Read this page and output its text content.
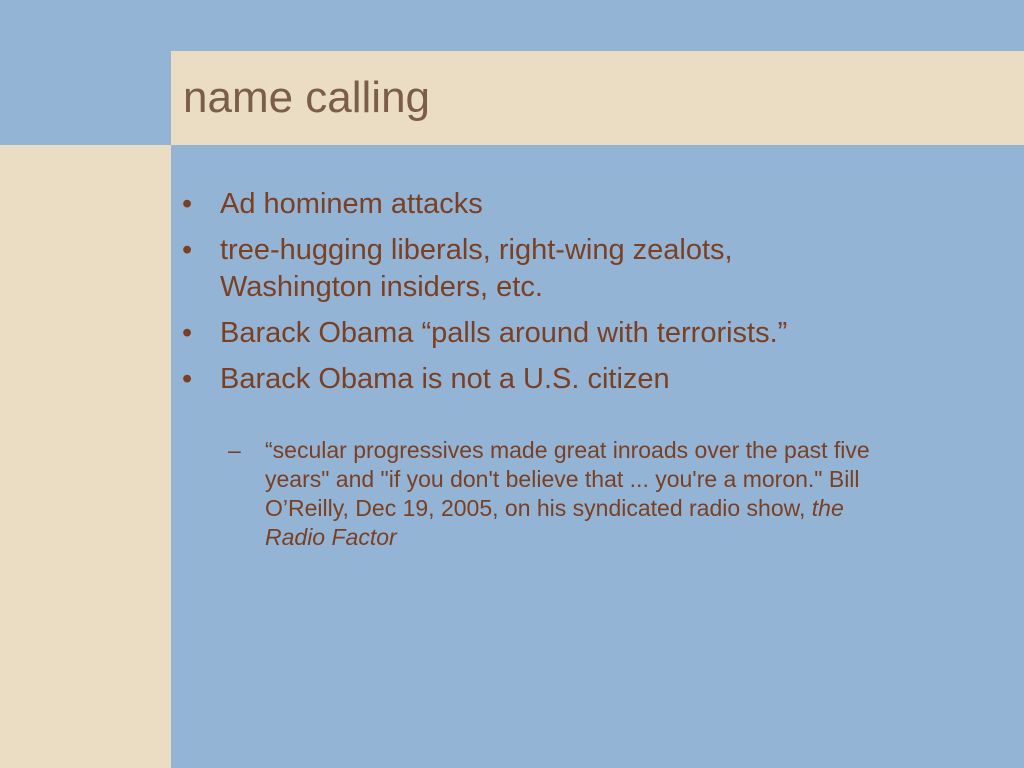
name calling
• Ad hominem attacks
• tree-hugging liberals, right-wing zealots, Washington insiders, etc.
• Barack Obama “palls around with terrorists.”
• Barack Obama is not a U.S. citizen
– “secular progressives made great inroads over the past five years" and "if you don't believe that ... you're a moron." Bill O’Reilly, Dec 19, 2005, on his syndicated radio show, the Radio Factor
